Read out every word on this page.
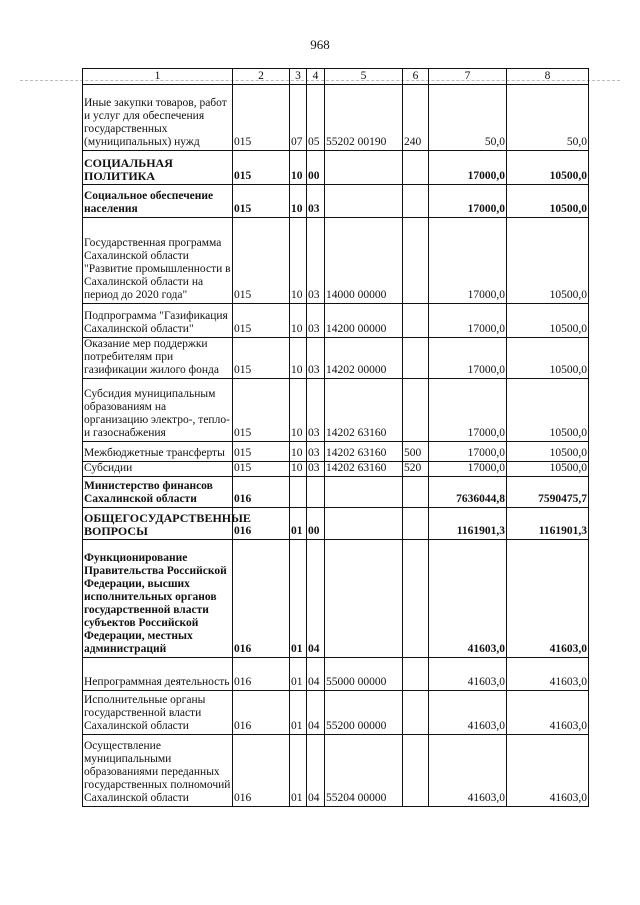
968
1	2	3	4	5	6	7	8
Иные закупки товаров, работ и услуг для обеспечения государственных (муниципальных) нужд	015	07	05	55202 00190	240	50,0	50,0
СОЦИАЛЬНАЯ ПОЛИТИКА	015	10	00			17000,0	10500,0
Социальное обеспечение населения	015	10	03			17000,0	10500,0
Государственная программа Сахалинской области "Развитие промышленности в Сахалинской области на период до 2020 года"	015	10	03	14000 00000		17000,0	10500,0
Подпрограмма "Газификация Сахалинской области"	015	10	03	14200 00000		17000,0	10500,0
Оказание мер поддержки потребителям при газификации жилого фонда	015	10	03	14202 00000		17000,0	10500,0
Субсидия муниципальным образованиям на организацию электро-, тепло- и газоснабжения	015	10	03	14202 63160		17000,0	10500,0
Межбюджетные трансферты	015	10	03	14202 63160	500	17000,0	10500,0
Субсидии	015	10	03	14202 63160	520	17000,0	10500,0
Министерство финансов Сахалинской области	016					7636044,8	7590475,7
ОБЩЕГОСУДАРСТВЕННЫЕ ВОПРОСЫ	016	01	00			1161901,3	1161901,3
Функционирование Правительства Российской Федерации, высших исполнительных органов государственной власти субъектов Российской Федерации, местных администраций	016	01	04			41603,0	41603,0
Непрограммная деятельность	016	01	04	55000 00000		41603,0	41603,0
Исполнительные органы государственной власти Сахалинской области	016	01	04	55200 00000		41603,0	41603,0
Осуществление муниципальными образованиями переданных государственных полномочий Сахалинской области	016	01	04	55204 00000		41603,0	41603,0
